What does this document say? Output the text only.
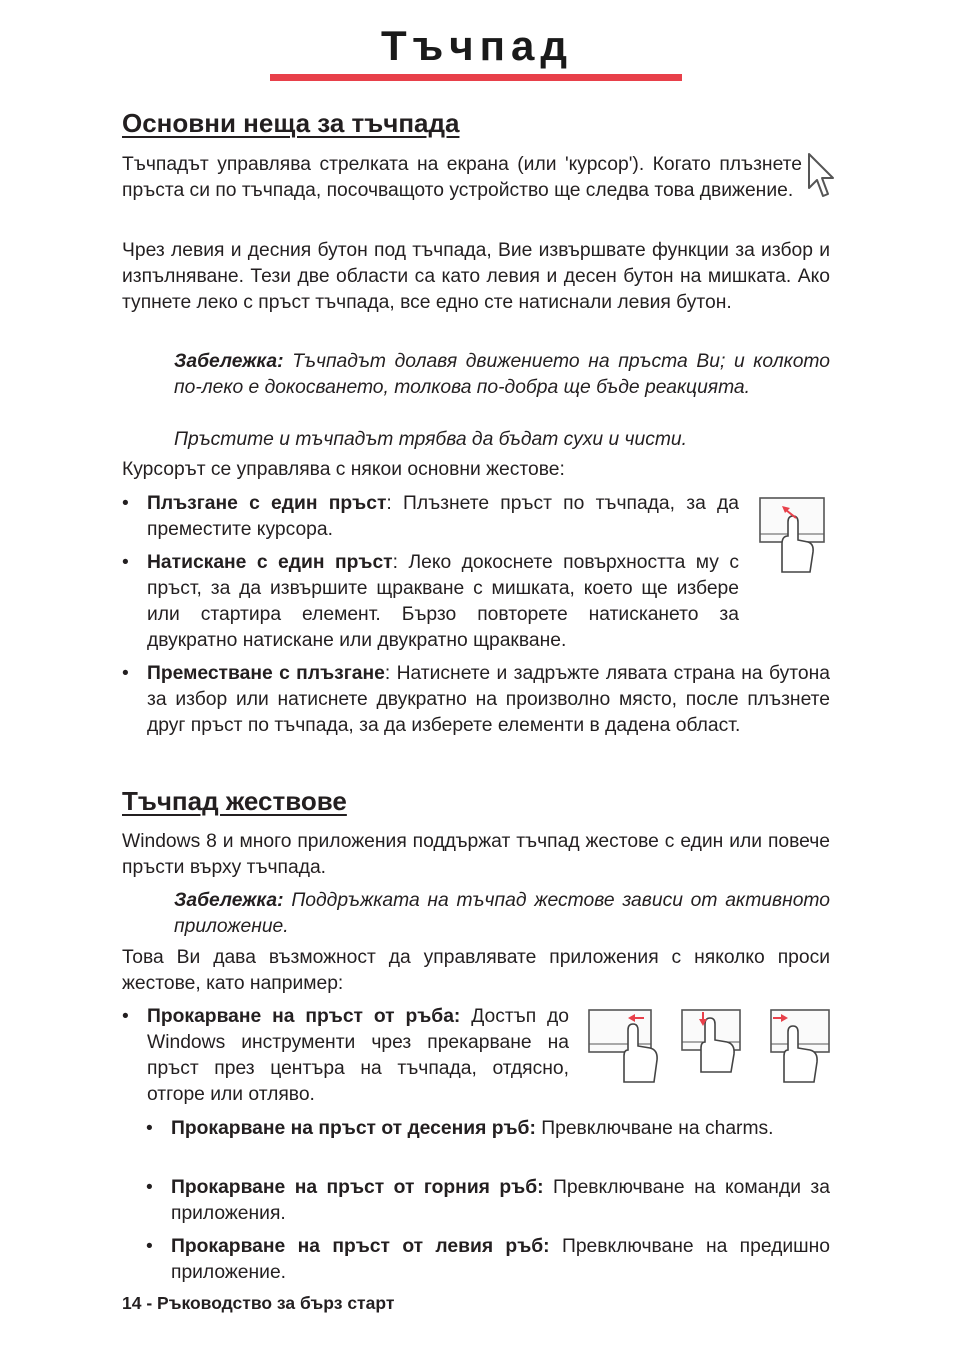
Тъчпад
Основни неща за тъчпада

Тъчпадът управлява стрелката на екрана (или 'курсор'). Когато плъзнете пръста си по тъчпада, посочващото устройство ще следва това движение.

Чрез левия и десния бутон под тъчпада, Вие извършвате функции за избор и изпълняване. Тези две области са като левия и десен бутон на мишката. Ако тупнете леко с пръст тъчпада, все едно сте натиснали левия бутон.

Забележка: Тъчпадът долавя движението на пръста Ви; и колкото по-леко е докосването, толкова по-добра ще бъде реакцията.
Пръстите и тъчпадът трябва да бъдат сухи и чисти.
Курсорът се управлява с някои основни жестове:
• Плъзгане с един пръст: Плъзнете пръст по тъчпада, за да преместите курсора.
• Натискане с един пръст: Леко докоснете повърхността му с пръст, за да извършите щракване с мишката, което ще избере или стартира елемент. Бързо повторете натискането за двукратно натискане или двукратно щракване.
• Преместване с плъзгане: Натиснете и задръжте лявата страна на бутона за избор или натиснете двукратно на произволно място, после плъзнете друг пръст по тъчпада, за да изберете елементи в дадена област.
Тъчпад жествове

Windows 8 и много приложения поддържат тъчпад жестове с един или повече пръсти върху тъчпада.

Забележка: Поддръжката на тъчпад жестове зависи от активното приложение.

Това Ви дава възможност да управлявате приложения с няколко проси жестове, като например:

• Прокарване на пръст от ръба: Достъп до Windows инструменти чрез прекарване на пръст през центъра на тъчпада, отдясно, отгоре или отляво.
• Прокарване на пръст от десения ръб: Превключване на charms.
• Прокарване на пръст от горния ръб: Превключване на команди за приложения.
• Прокарване на пръст от левия ръб: Превключване на предишно приложение.
14 - Ръководство за бърз старт
